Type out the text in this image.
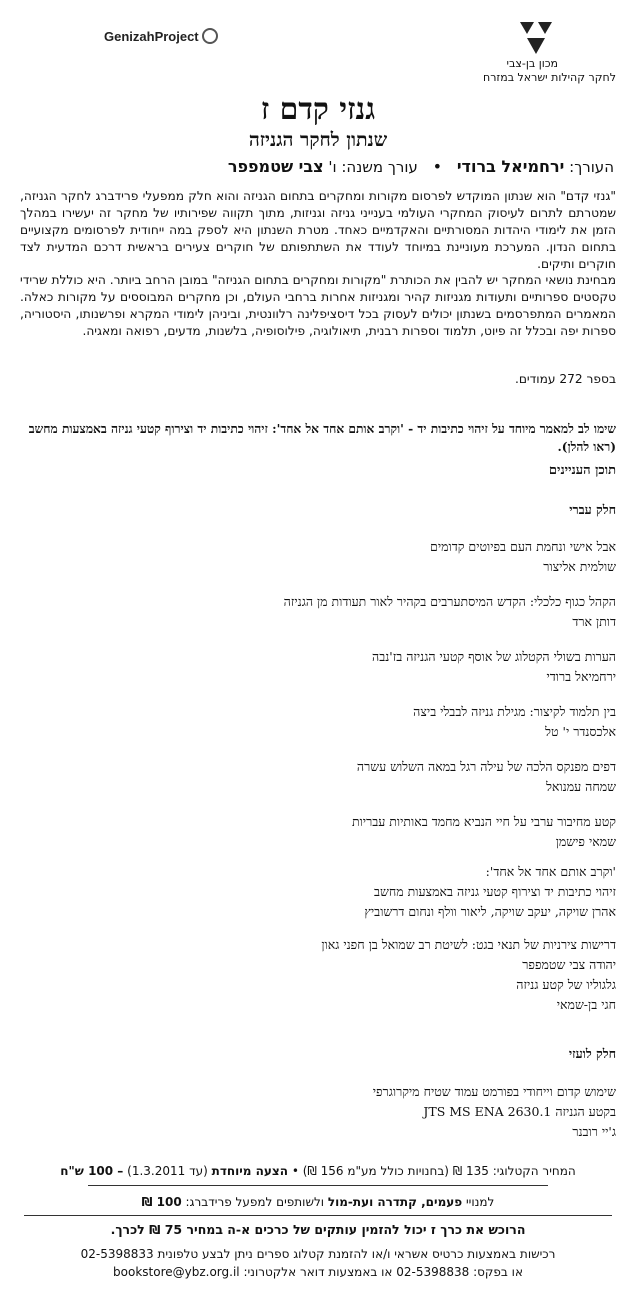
מכון בן-צבי
לחקר קהילות ישראל במזרח
GenizahProject
גנזי קדם ז
שנתון לחקר הגניזה
העורך: ירחמיאל ברודי • עורך משנה: ו' צבי שטמפפר
"גנזי קדם" הוא שנתון המוקדש לפרסום מקורות ומחקרים בתחום הגניזה והוא חלק ממפעלי פרידברג לחקר הגניזה, שמטרתם לתרום לעיסוק המחקרי העולמי בענייני גניזה וגניזות, מתוך תקווה שפירותיו של מחקר זה יעשירו במהלך הזמן את לימודי היהדות המסורתיים והאקדמיים כאחד. מטרת השנתון היא לספק במה ייחודית לפרסומים מקצועיים בתחום הנדון. המערכת מעוניינת במיוחד לעודד את השתתפותם של חוקרים צעירים בראשית דרכם המדעית לצד חוקרים ותיקים.
מבחינת נושאי המחקר יש להבין את הכותרת "מקורות ומחקרים בתחום הגניזה" במובן הרחב ביותר. היא כוללת שרידי טקסטים ספרותיים ותעודות מגניזות קהיר ומגניזות אחרות ברחבי העולם, וכן מחקרים המבוססים על מקורות כאלה. המאמרים המתפרסמים בשנתון יכולים לעסוק בכל דיסציפלינה רלוונטית, וביניהן לימודי המקרא ופרשנותו, היסטוריה, ספרות יפה ובכלל זה פיוט, תלמוד וספרות רבנית, תיאולוגיה, פילוסופיה, בלשנות, מדעים, רפואה ומאגיה.
בספר 272 עמודים.
שימו לב למאמר מיוחד על זיהוי כתיבות יד - 'וקרב אותם אחד אל אחד': זיהוי כתיבות יד וצירוף קטעי גניזה באמצעות מחשב (ראו להלן).
תוכן העניינים
חלק עברי
אבל אישי ונחמת העם בפיוטים קדומים
שולמית אליצור
הקהל כגוף כלכלי: הקדש המיסתערבים בקהיר לאור תעודות מן הגניזה
דותן ארד
הערות בשולי הקטלוג של אוסף קטעי הגניזה בז'נבה
ירחמיאל ברודי
בין תלמוד לקיצור: מגילת גניזה לבבלי ביצה
אלכסנדר י' טל
דפים מפנקס הלכה של עילה רגל במאה השלוש עשרה
שמחה עמנואל
קטע מחיבור ערבי על חיי הנביא מחמד באותיות עבריות
שמאי פישמן
'וקרב אותם אחד אל אחד':
זיהוי כתיבות יד וצירוף קטעי גניזה באמצעות מחשב
אהרן שויקה, יעקב שויקה, ליאור וולף ונחום דרשוביץ
דרישות צירניות של תנאי בגט: לשיטת רב שמואל בן חפני גאון
יהודה צבי שטמפפר
גלגוליו של קטע גניזה
חגי בן-שמאי
חלק לועזי
שימוש קדום וייחודי בפורמט עמוד שטיח מיקרוגרפי
בקטע הגניזה JTS MS ENA 2630.1
ג'יי רובנר
המחיר הקטלוגי: 135 ₪ (בחנויות כולל מע"מ 156 ₪) • הצעה מיוחדת (עד 1.3.2011) – 100 ש"ח
למנויי פעמים, קתדרה ועת-מול ולשותפים למפעל פרידברג: 100 ₪
הרוכש את כרך ז יכול להזמין עותקים של כרכים א-ה במחיר 75 ₪ לכרך.
רכישות באמצעות כרטיס אשראי ו/או להזמנת קטלוג ספרים ניתן לבצע טלפונית 02-5398833
או בפקס: 02-5398838 או באמצעות דואר אלקטרוני: bookstore@ybz.org.il
